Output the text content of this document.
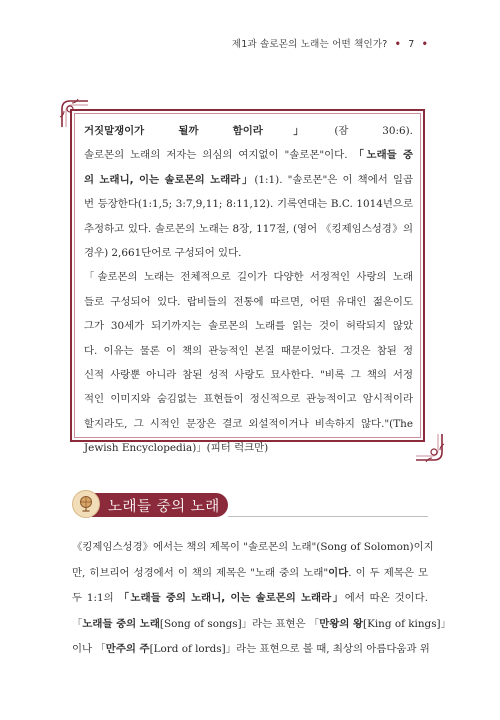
제1과 솔로몬의 노래는 어떤 책인가? • 7 •

거짓말쟁이가 될까 함이라」(잠 30:6).

솔로몬의 노래의 저자는 의심의 여지없이 "솔로몬"이다. 「노래들 중

의 노래니, 이는 솔로몬의 노래라」(1:1). "솔로몬"은 이 책에서 일곱

번 등장한다(1:1,5; 3:7,9,11; 8:11,12). 기록연대는 B.C. 1014년으로

추정하고 있다. 솔로몬의 노래는 8장, 117절, (영어 《킹제임스성경》의

경우) 2,661단어로 구성되어 있다.

「솔로몬의 노래는 전체적으로 길이가 다양한 서정적인 사랑의 노래

들로 구성되어 있다. 랍비들의 전통에 따르면, 어떤 유대인 젊은이도

그가 30세가 되기까지는 솔로몬의 노래를 읽는 것이 허락되지 않았

다. 이유는 물론 이 책의 관능적인 본질 때문이었다. 그것은 참된 정

신적 사랑뿐 아니라 참된 성적 사랑도 묘사한다. "비록 그 책의 서정

적인 이미지와 숨김없는 표현들이 정신적으로 관능적이고 암시적이라

할지라도, 그 시적인 문장은 결코 외설적이거나 비속하지 않다."(The

Jewish Encyclopedia)」(피터 럭크만)

노래들 중의 노래

《킹제임스성경》에서는 책의 제목이 "솔로몬의 노래"(Song of Solomon)이지

만, 히브리어 성경에서 이 책의 제목은 "노래 중의 노래"이다. 이 두 제목은 모

두 1:1의 「노래들 중의 노래니, 이는 솔로몬의 노래라」에서 따온 것이다.

「노래들 중의 노래[Song of songs]」라는 표현은 「만왕의 왕[King of kings]」

이나 「만주의 주[Lord of lords]」라는 표현으로 볼 때, 최상의 아름다움과 위
